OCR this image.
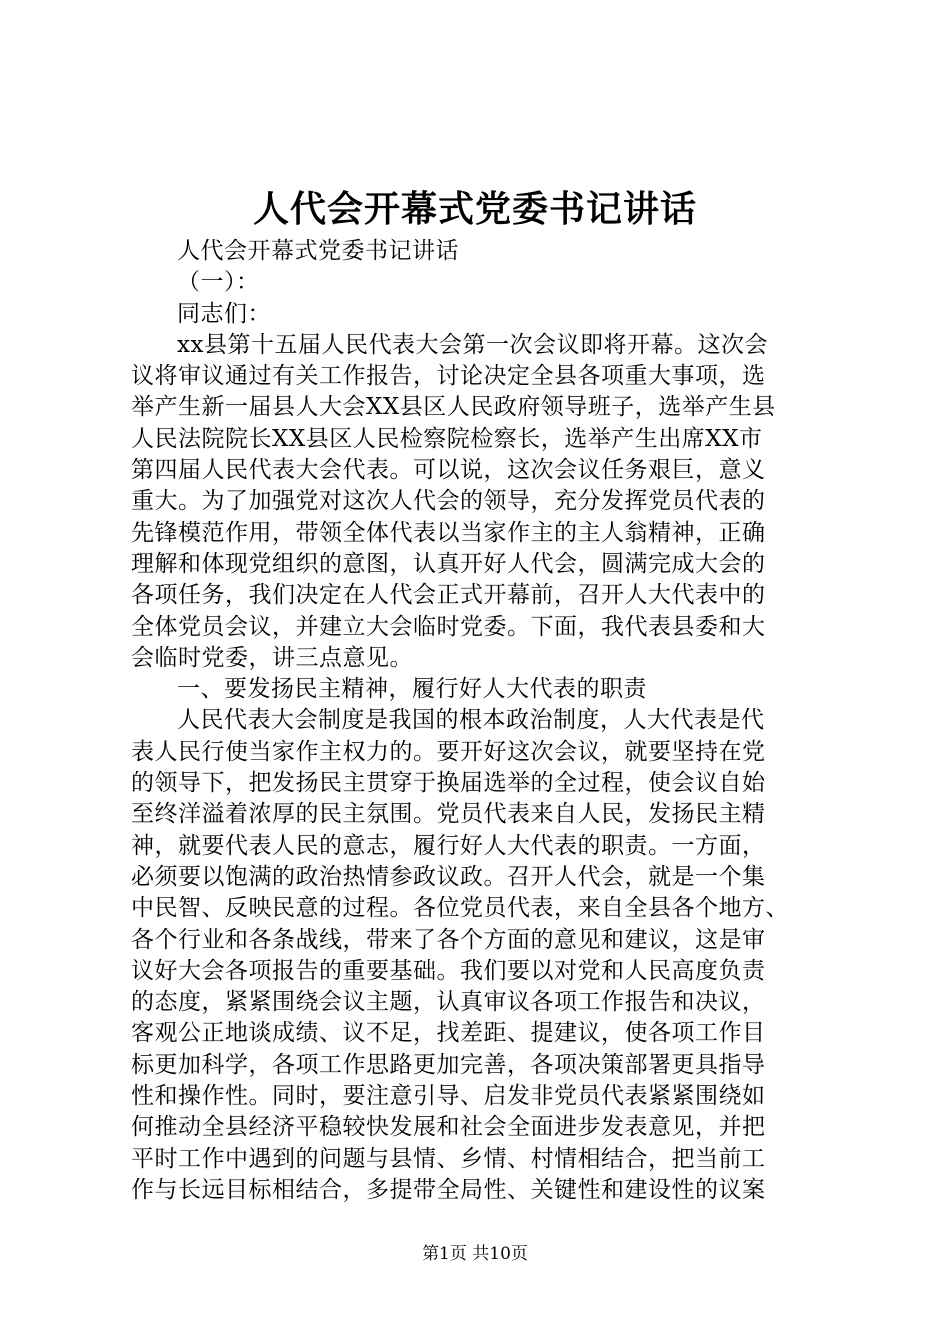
人代会开幕式党委书记讲话
人代会开幕式党委书记讲话
（一）：
同志们：
xx县第十五届人民代表大会第一次会议即将开幕。这次会
议将审议通过有关工作报告，讨论决定全县各项重大事项，选
举产生新一届县人大会XX县区人民政府领导班子，选举产生县
人民法院院长XX县区人民检察院检察长，选举产生出席XX市
第四届人民代表大会代表。可以说，这次会议任务艰巨，意义
重大。为了加强党对这次人代会的领导，充分发挥党员代表的
先锋模范作用，带领全体代表以当家作主的主人翁精神，正确
理解和体现党组织的意图，认真开好人代会，圆满完成大会的
各项任务，我们决定在人代会正式开幕前，召开人大代表中的
全体党员会议，并建立大会临时党委。下面，我代表县委和大
会临时党委，讲三点意见。
一、要发扬民主精神，履行好人大代表的职责
人民代表大会制度是我国的根本政治制度，人大代表是代
表人民行使当家作主权力的。要开好这次会议，就要坚持在党
的领导下，把发扬民主贯穿于换届选举的全过程，使会议自始
至终洋溢着浓厚的民主氛围。党员代表来自人民，发扬民主精
神，就要代表人民的意志，履行好人大代表的职责。一方面，
必须要以饱满的政治热情参政议政。召开人代会，就是一个集
中民智、反映民意的过程。各位党员代表，来自全县各个地方、
各个行业和各条战线，带来了各个方面的意见和建议，这是审
议好大会各项报告的重要基础。我们要以对党和人民高度负责
的态度，紧紧围绕会议主题，认真审议各项工作报告和决议，
客观公正地谈成绩、议不足，找差距、提建议，使各项工作目
标更加科学，各项工作思路更加完善，各项决策部署更具指导
性和操作性。同时，要注意引导、启发非党员代表紧紧围绕如
何推动全县经济平稳较快发展和社会全面进步发表意见，并把
平时工作中遇到的问题与县情、乡情、村情相结合，把当前工
作与长远目标相结合，多提带全局性、关键性和建设性的议案
第1页 共10页
